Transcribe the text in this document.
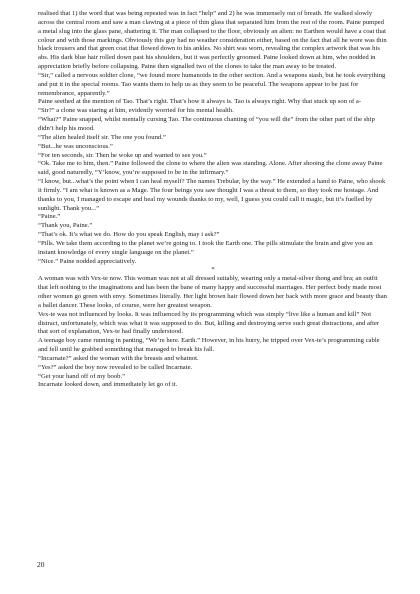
realised that 1) the word that was being repeated was in fact “help” and 2) he was immensely out of breath. He walked slowly across the central room and saw a man clawing at a piece of thin glass that separated him from the rest of the room. Paine pumped a metal slug into the glass pane, shattering it. The man collapsed to the floor, obviously an alien: no Earthen would have a coat that colour and with those markings. Obviously this guy had no weather consideration either, based on the fact that all he wore was thin black trousers and that green coat that flowed down to his ankles. No shirt was worn, revealing the complex artwork that was his abs. His dark blue hair rolled down past his shoulders, but it was perfectly groomed. Paine looked down at him, who nodded in appreciation briefly before collapsing. Paine then signalled two of the clones to take the man away to be treated.

“Sir,” called a nervous soldier clone, “we found more humanoids in the other section. And a weapons stash, but he took everything and put it in the special rooms. Tao wants them to help us as they seem to be peaceful. The weapons appear to be just for remembrance, apparently.”

Paine seethed at the mention of Tao. That’s right. That’s how it always is. Tao is always right. Why that stuck up son of a-

“Sir?” a clone was staring at him, evidently worried for his mental health.

“What?” Paine snapped, whilst mentally cursing Tao. The continuous chanting of “you will die” from the other part of the ship didn’t help his mood.

“The alien healed itself sir. The one you found.”

“But...he was unconscious.”

“For ten seconds, sir. Then he woke up and wanted to see you.”

“Ok. Take me to him, then.” Paine followed the clone to where the alien was standing. Alone. After shooing the clone away Paine said, good naturedly, “Y’know, you’re supposed to be in the infirmary.”

“I know, but...what’s the point when I can heal myself? The names Trebular, by the way.” He extended a hand to Paine, who shook it firmly. “I am what is known as a Mage. The four beings you saw thought I was a threat to them, so they took me hostage. And thanks to you, I managed to escape and heal my wounds thanks to my, well, I guess you could call it magic, but it’s fuelled by sunlight. Thank you...”

“Paine.”

“Thank you, Paine.”

“That’s ok. It’s what we do. How do you speak English, may i ask?”

“Pills. We take them according to the planet we’re going to. I took the Earth one. The pills stimulate the brain and give you an instant knowledge of every single language on the planet.”

“Nice.” Paine nodded appreciatively.

*

A woman was with Vex-te now. This woman was not at all dressed suitably, wearing only a metal-silver thong and bra; an outfit that left nothing to the imaginations and has been the bane of many happy and successful marriages. Her perfect body made most other women go green with envy. Sometimes literally. Her light brown hair flowed down her back with more grace and beauty than a ballet dancer. These looks, of course, were her greatest weapon.

Vex-te was not influenced by looks. It was influenced by its programming which was simply “live like a human and kill” Not distract, unfortunately, which was what it was supposed to do. But, killing and destroying serve such great distractions, and after that sort of explanation, Vex-te had finally understood.

A teenage boy came running in panting, “We’re here. Earth.” However, in his hurry, he tripped over Vex-te’s programming cable and fell until he grabbed something that managed to break his fall.

“Incarnate?” asked the woman with the breasts and whatnot.

“Yes?” asked the boy now revealed to be called Incarnate.

“Get your hand off of my boob.”

Incarnate looked down, and immediately let go of it.

20
